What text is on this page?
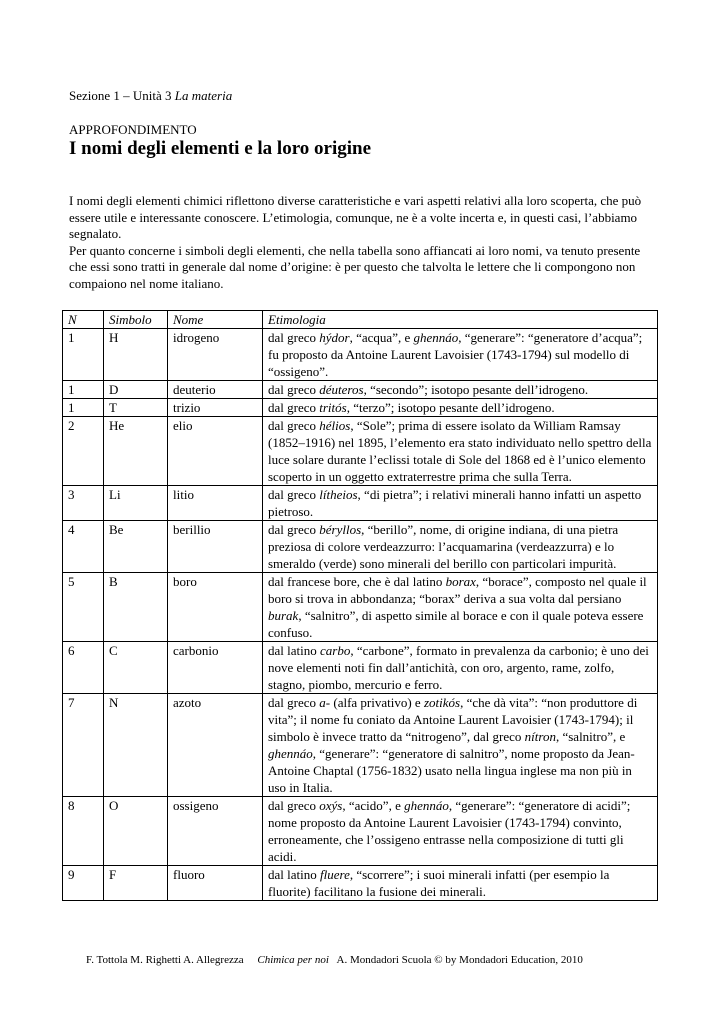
Sezione 1 – Unità 3 La materia
APPROFONDIMENTO
I nomi degli elementi e la loro origine

I nomi degli elementi chimici riflettono diverse caratteristiche e vari aspetti relativi alla loro scoperta, che può essere utile e interessante conoscere. L’etimologia, comunque, ne è a volte incerta e, in questi casi, l’abbiamo segnalato.

Per quanto concerne i simboli degli elementi, che nella tabella sono affiancati ai loro nomi, va tenuto presente che essi sono tratti in generale dal nome d’origine: è per questo che talvolta le lettere che li compongono non compaiono nel nome italiano.

N	Simbolo	Nome	Etimologia
1	H	idrogeno	dal greco hýdor, “acqua”, e ghennáo, “generare”: “generatore d’acqua”; fu proposto da Antoine Laurent Lavoisier (1743-1794) sul modello di “ossigeno”.
1	D	deuterio	dal greco déuteros, “secondo”; isotopo pesante dell’idrogeno.
1	T	trizio	dal greco tritós, “terzo”; isotopo pesante dell’idrogeno.
2	He	elio	dal greco hélios, “Sole”; prima di essere isolato da William Ramsay (1852–1916) nel 1895, l’elemento era stato individuato nello spettro della luce solare durante l’eclissi totale di Sole del 1868 ed è l’unico elemento scoperto in un oggetto extraterrestre prima che sulla Terra.
3	Li	litio	dal greco lítheios, “di pietra”; i relativi minerali hanno infatti un aspetto pietroso.
4	Be	berillio	dal greco béryllos, “berillo”, nome, di origine indiana, di una pietra preziosa di colore verdeazzurro: l’acquamarina (verdeazzurra) e lo smeraldo (verde) sono minerali del berillo con particolari impurità.
5	B	boro	dal francese bore, che è dal latino borax, “borace”, composto nel quale il boro si trova in abbondanza; “borax” deriva a sua volta dal persiano burak, “salnitro”, di aspetto simile al borace e con il quale poteva essere confuso.
6	C	carbonio	dal latino carbo, “carbone”, formato in prevalenza da carbonio; è uno dei nove elementi noti fin dall’antichità, con oro, argento, rame, zolfo, stagno, piombo, mercurio e ferro.
7	N	azoto	dal greco a- (alfa privativo) e zotikós, “che dà vita”: “non produttore di vita”; il nome fu coniato da Antoine Laurent Lavoisier (1743-1794); il simbolo è invece tratto da “nitrogeno”, dal greco nítron, “salnitro”, e ghennáo, “generare”: “generatore di salnitro”, nome proposto da Jean-Antoine Chaptal (1756-1832) usato nella lingua inglese ma non più in uso in Italia.
8	O	ossigeno	dal greco oxýs, “acido”, e ghennáo, “generare”: “generatore di acidi”; nome proposto da Antoine Laurent Lavoisier (1743-1794) convinto, erroneamente, che l’ossigeno entrasse nella composizione di tutti gli acidi.
9	F	fluoro	dal latino fluere, “scorrere”; i suoi minerali infatti (per esempio la fluorite) facilitano la fusione dei minerali.
F. Tottola M. Righetti A. Allegrezza Chimica per noi A. Mondadori Scuola © by Mondadori Education, 2010
